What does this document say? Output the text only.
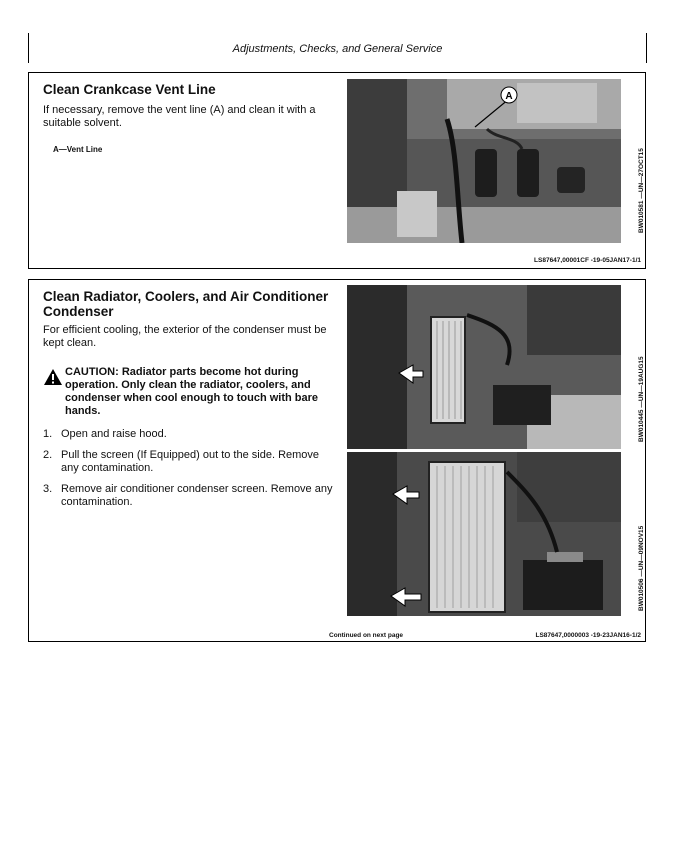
Adjustments, Checks, and General Service
Clean Crankcase Vent Line
If necessary, remove the vent line (A) and clean it with a suitable solvent.
A—Vent Line
A
BW010581 —UN—27OCT15
LS87647,00001CF -19-05JAN17-1/1
Clean Radiator, Coolers, and Air Conditioner Condenser
For efficient cooling, the exterior of the condenser must be kept clean.
CAUTION: Radiator parts become hot during operation. Only clean the radiator, coolers, and condenser when cool enough to touch with bare hands.
1. Open and raise hood.
2. Pull the screen (If Equipped) out to the side. Remove any contamination.
3. Remove air conditioner condenser screen. Remove any contamination.
BW010445 —UN—19AUG15
BW010506 —UN—09NOV15
Continued on next page	LS87647,0000003 -19-23JAN16-1/2
